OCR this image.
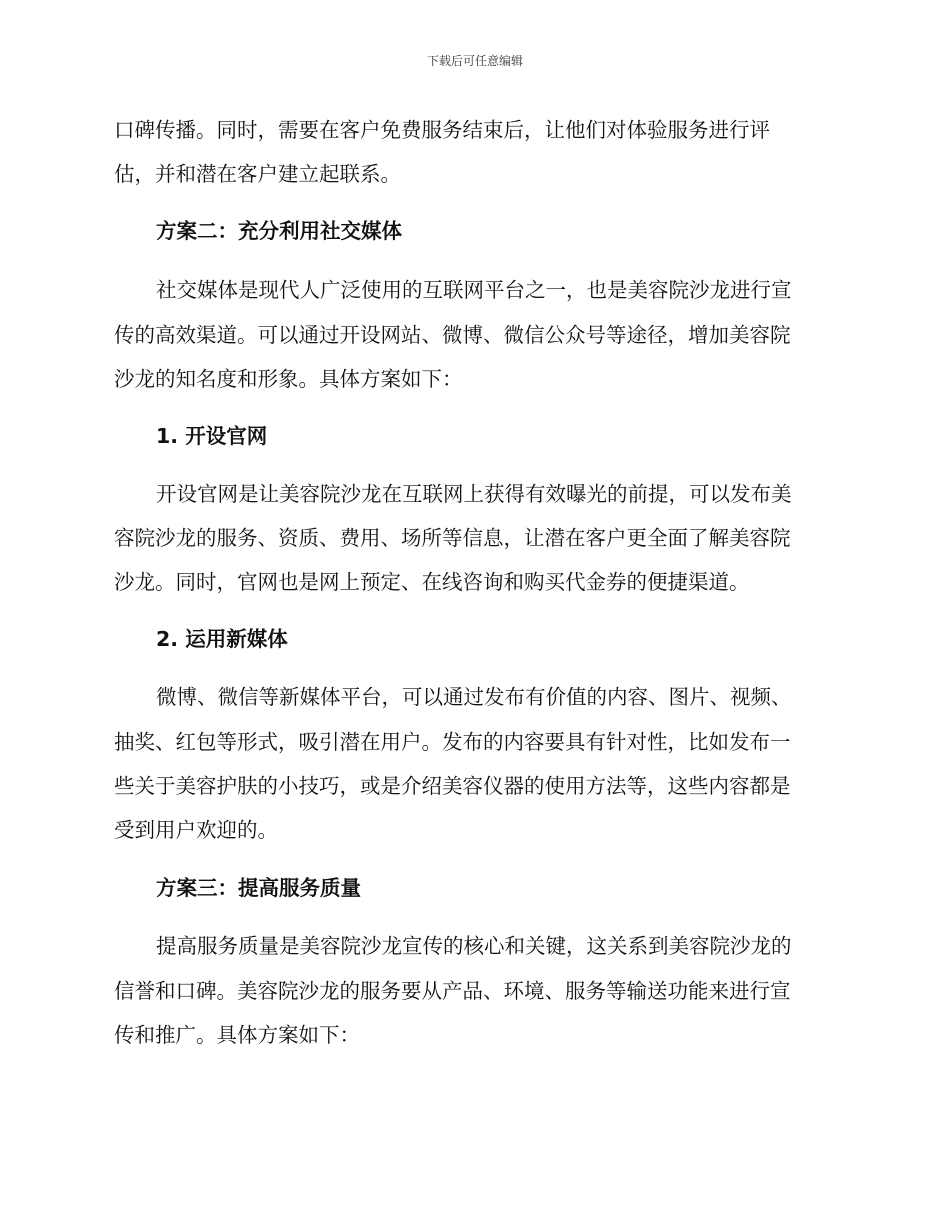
下载后可任意编辑
口碑传播。同时，需要在客户免费服务结束后，让他们对体验服务进行评
估，并和潜在客户建立起联系。
方案二：充分利用社交媒体
社交媒体是现代人广泛使用的互联网平台之一，也是美容院沙龙进行宣
传的高效渠道。可以通过开设网站、微博、微信公众号等途径，增加美容院
沙龙的知名度和形象。具体方案如下：
1. 开设官网
开设官网是让美容院沙龙在互联网上获得有效曝光的前提，可以发布美
容院沙龙的服务、资质、费用、场所等信息，让潜在客户更全面了解美容院
沙龙。同时，官网也是网上预定、在线咨询和购买代金券的便捷渠道。
2. 运用新媒体
微博、微信等新媒体平台，可以通过发布有价值的内容、图片、视频、
抽奖、红包等形式，吸引潜在用户。发布的内容要具有针对性，比如发布一
些关于美容护肤的小技巧，或是介绍美容仪器的使用方法等，这些内容都是
受到用户欢迎的。
方案三：提高服务质量
提高服务质量是美容院沙龙宣传的核心和关键，这关系到美容院沙龙的
信誉和口碑。美容院沙龙的服务要从产品、环境、服务等输送功能来进行宣
传和推广。具体方案如下：
